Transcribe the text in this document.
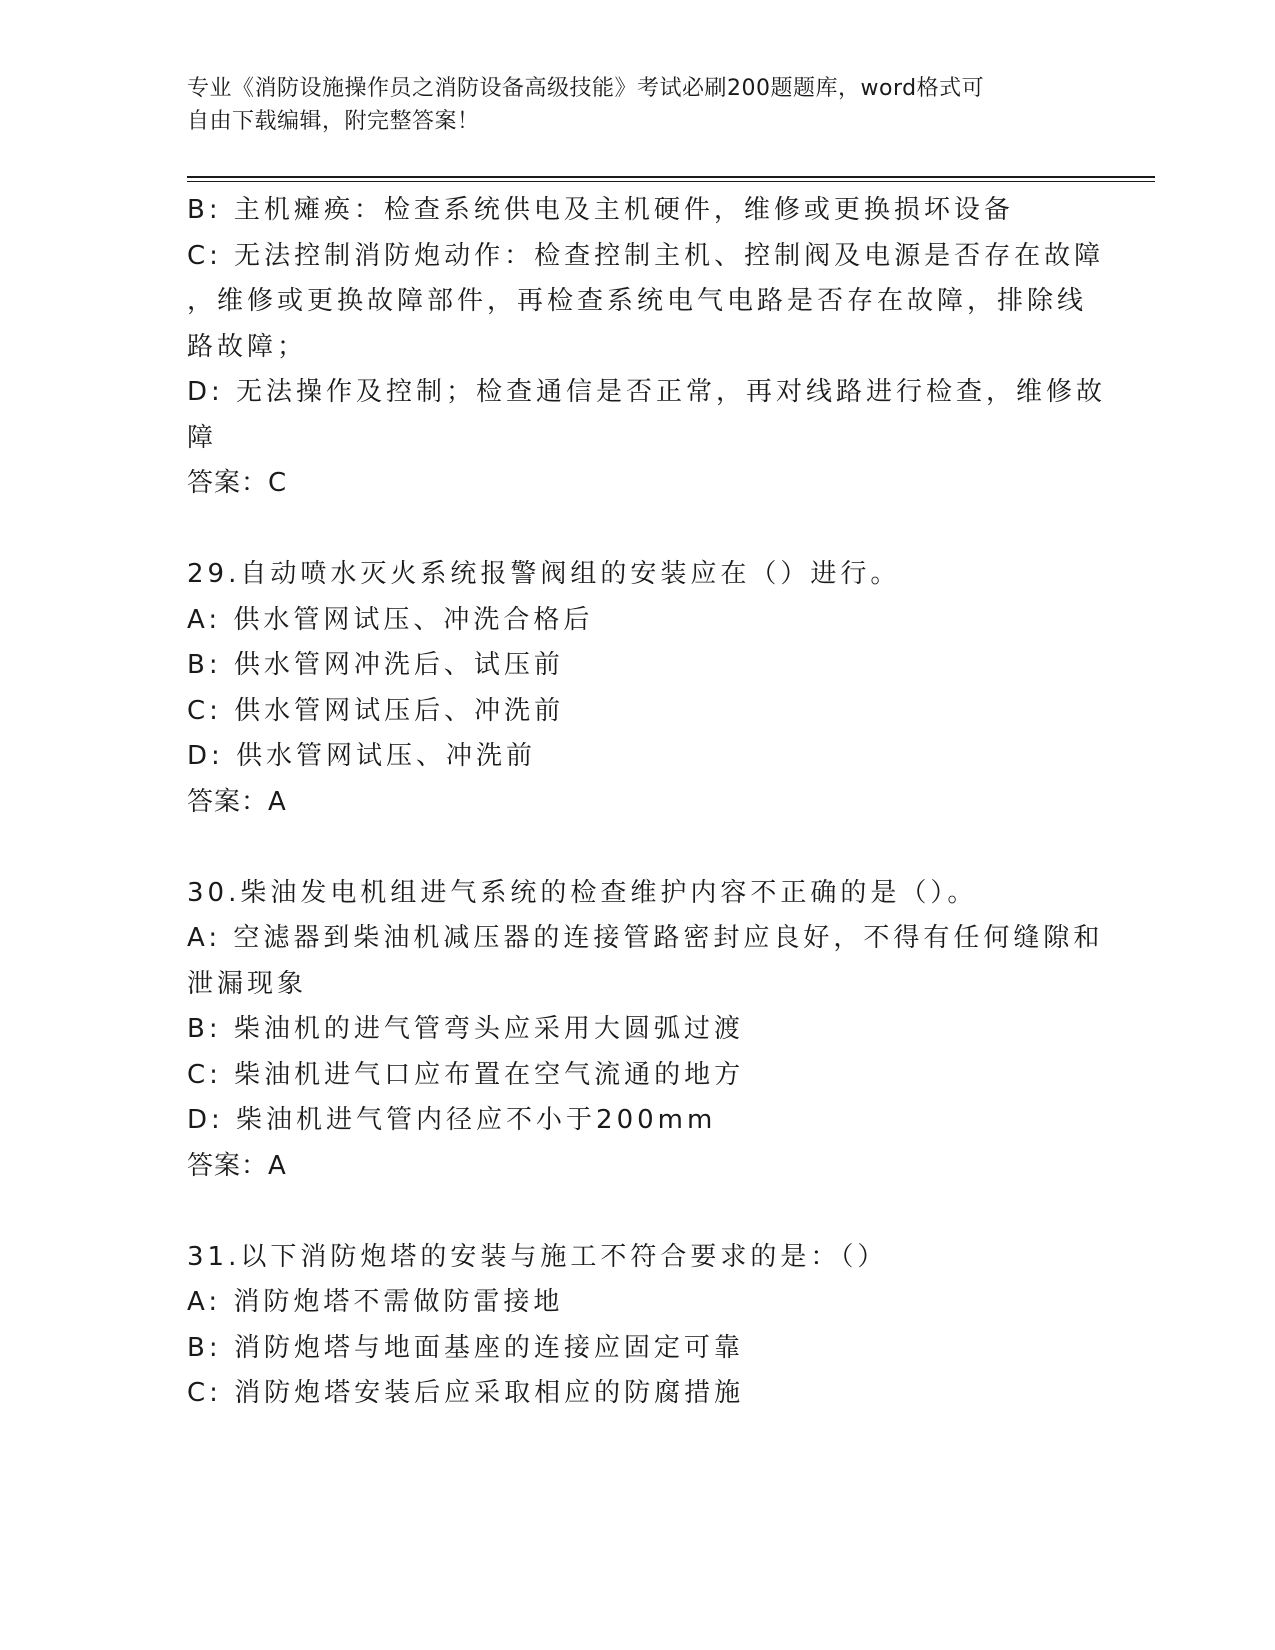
专业《消防设施操作员之消防设备高级技能》考试必刷200题题库，word格式可
自由下载编辑，附完整答案！
B: 主机瘫痪：检查系统供电及主机硬件，维修或更换损坏设备
C: 无法控制消防炮动作：检查控制主机、控制阀及电源是否存在故障
，维修或更换故障部件，再检查系统电气电路是否存在故障，排除线
路故障；
D: 无法操作及控制；检查通信是否正常，再对线路进行检查，维修故
障
答案：C
29.自动喷水灭火系统报警阀组的安装应在（）进行。
A: 供水管网试压、冲洗合格后
B: 供水管网冲洗后、试压前
C: 供水管网试压后、冲洗前
D: 供水管网试压、冲洗前
答案：A
30.柴油发电机组进气系统的检查维护内容不正确的是（）。
A: 空滤器到柴油机减压器的连接管路密封应良好，不得有任何缝隙和
泄漏现象
B: 柴油机的进气管弯头应采用大圆弧过渡
C: 柴油机进气口应布置在空气流通的地方
D: 柴油机进气管内径应不小于200mm
答案：A
31.以下消防炮塔的安装与施工不符合要求的是：（）
A: 消防炮塔不需做防雷接地
B: 消防炮塔与地面基座的连接应固定可靠
C: 消防炮塔安装后应采取相应的防腐措施
